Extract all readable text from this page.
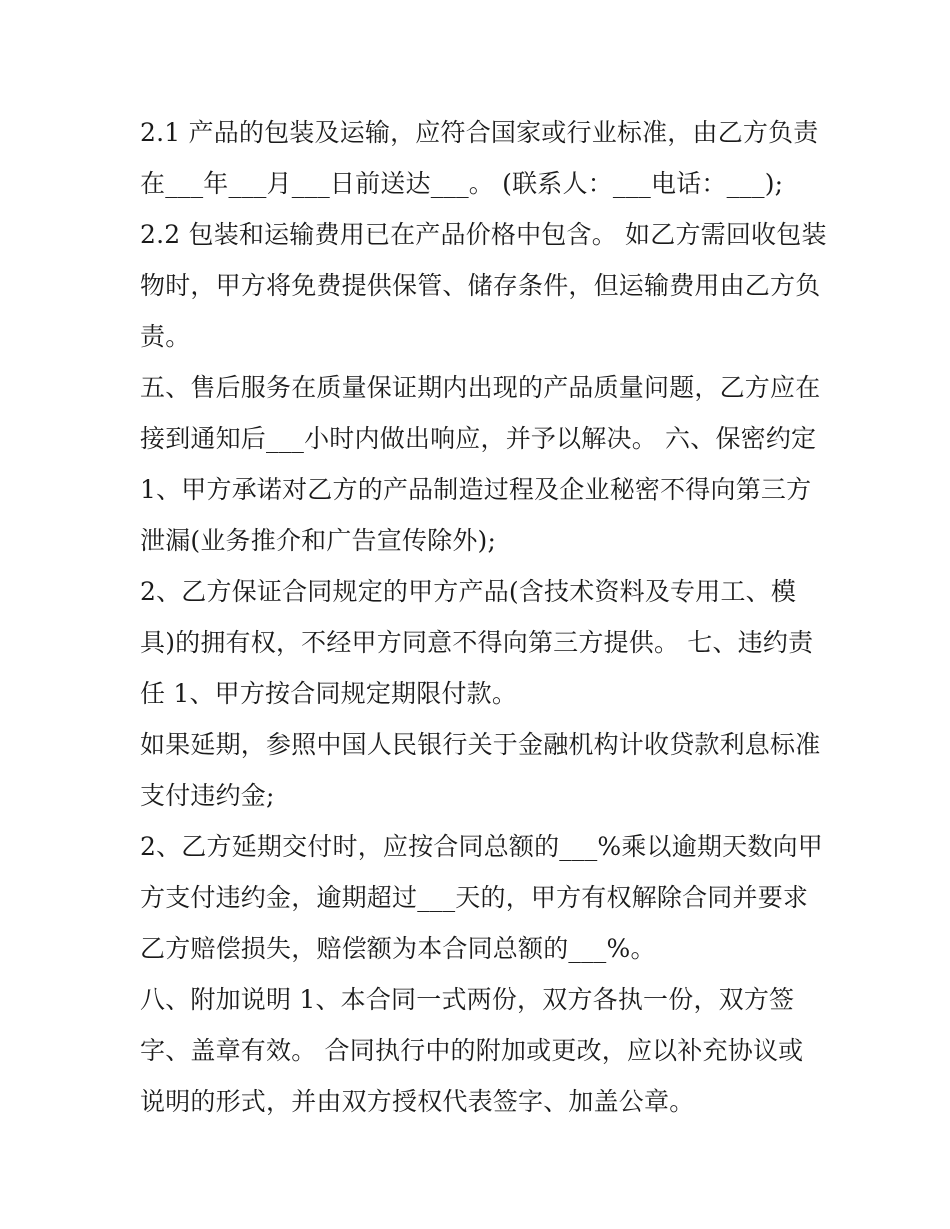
2.1 产品的包装及运输，应符合国家或行业标准，由乙方负责
在___年___月___日前送达___。 (联系人：___电话：___);
2.2 包装和运输费用已在产品价格中包含。 如乙方需回收包装
物时，甲方将免费提供保管、储存条件，但运输费用由乙方负
责。
五、售后服务在质量保证期内出现的产品质量问题，乙方应在
接到通知后___小时内做出响应，并予以解决。 六、保密约定
1、甲方承诺对乙方的产品制造过程及企业秘密不得向第三方
泄漏(业务推介和广告宣传除外);
2、乙方保证合同规定的甲方产品(含技术资料及专用工、模
具)的拥有权，不经甲方同意不得向第三方提供。 七、违约责
任 1、甲方按合同规定期限付款。
如果延期，参照中国人民银行关于金融机构计收贷款利息标准
支付违约金;
2、乙方延期交付时，应按合同总额的___%乘以逾期天数向甲
方支付违约金，逾期超过___天的，甲方有权解除合同并要求
乙方赔偿损失，赔偿额为本合同总额的___%。
八、附加说明 1、本合同一式两份，双方各执一份，双方签
字、盖章有效。 合同执行中的附加或更改，应以补充协议或
说明的形式，并由双方授权代表签字、加盖公章。
